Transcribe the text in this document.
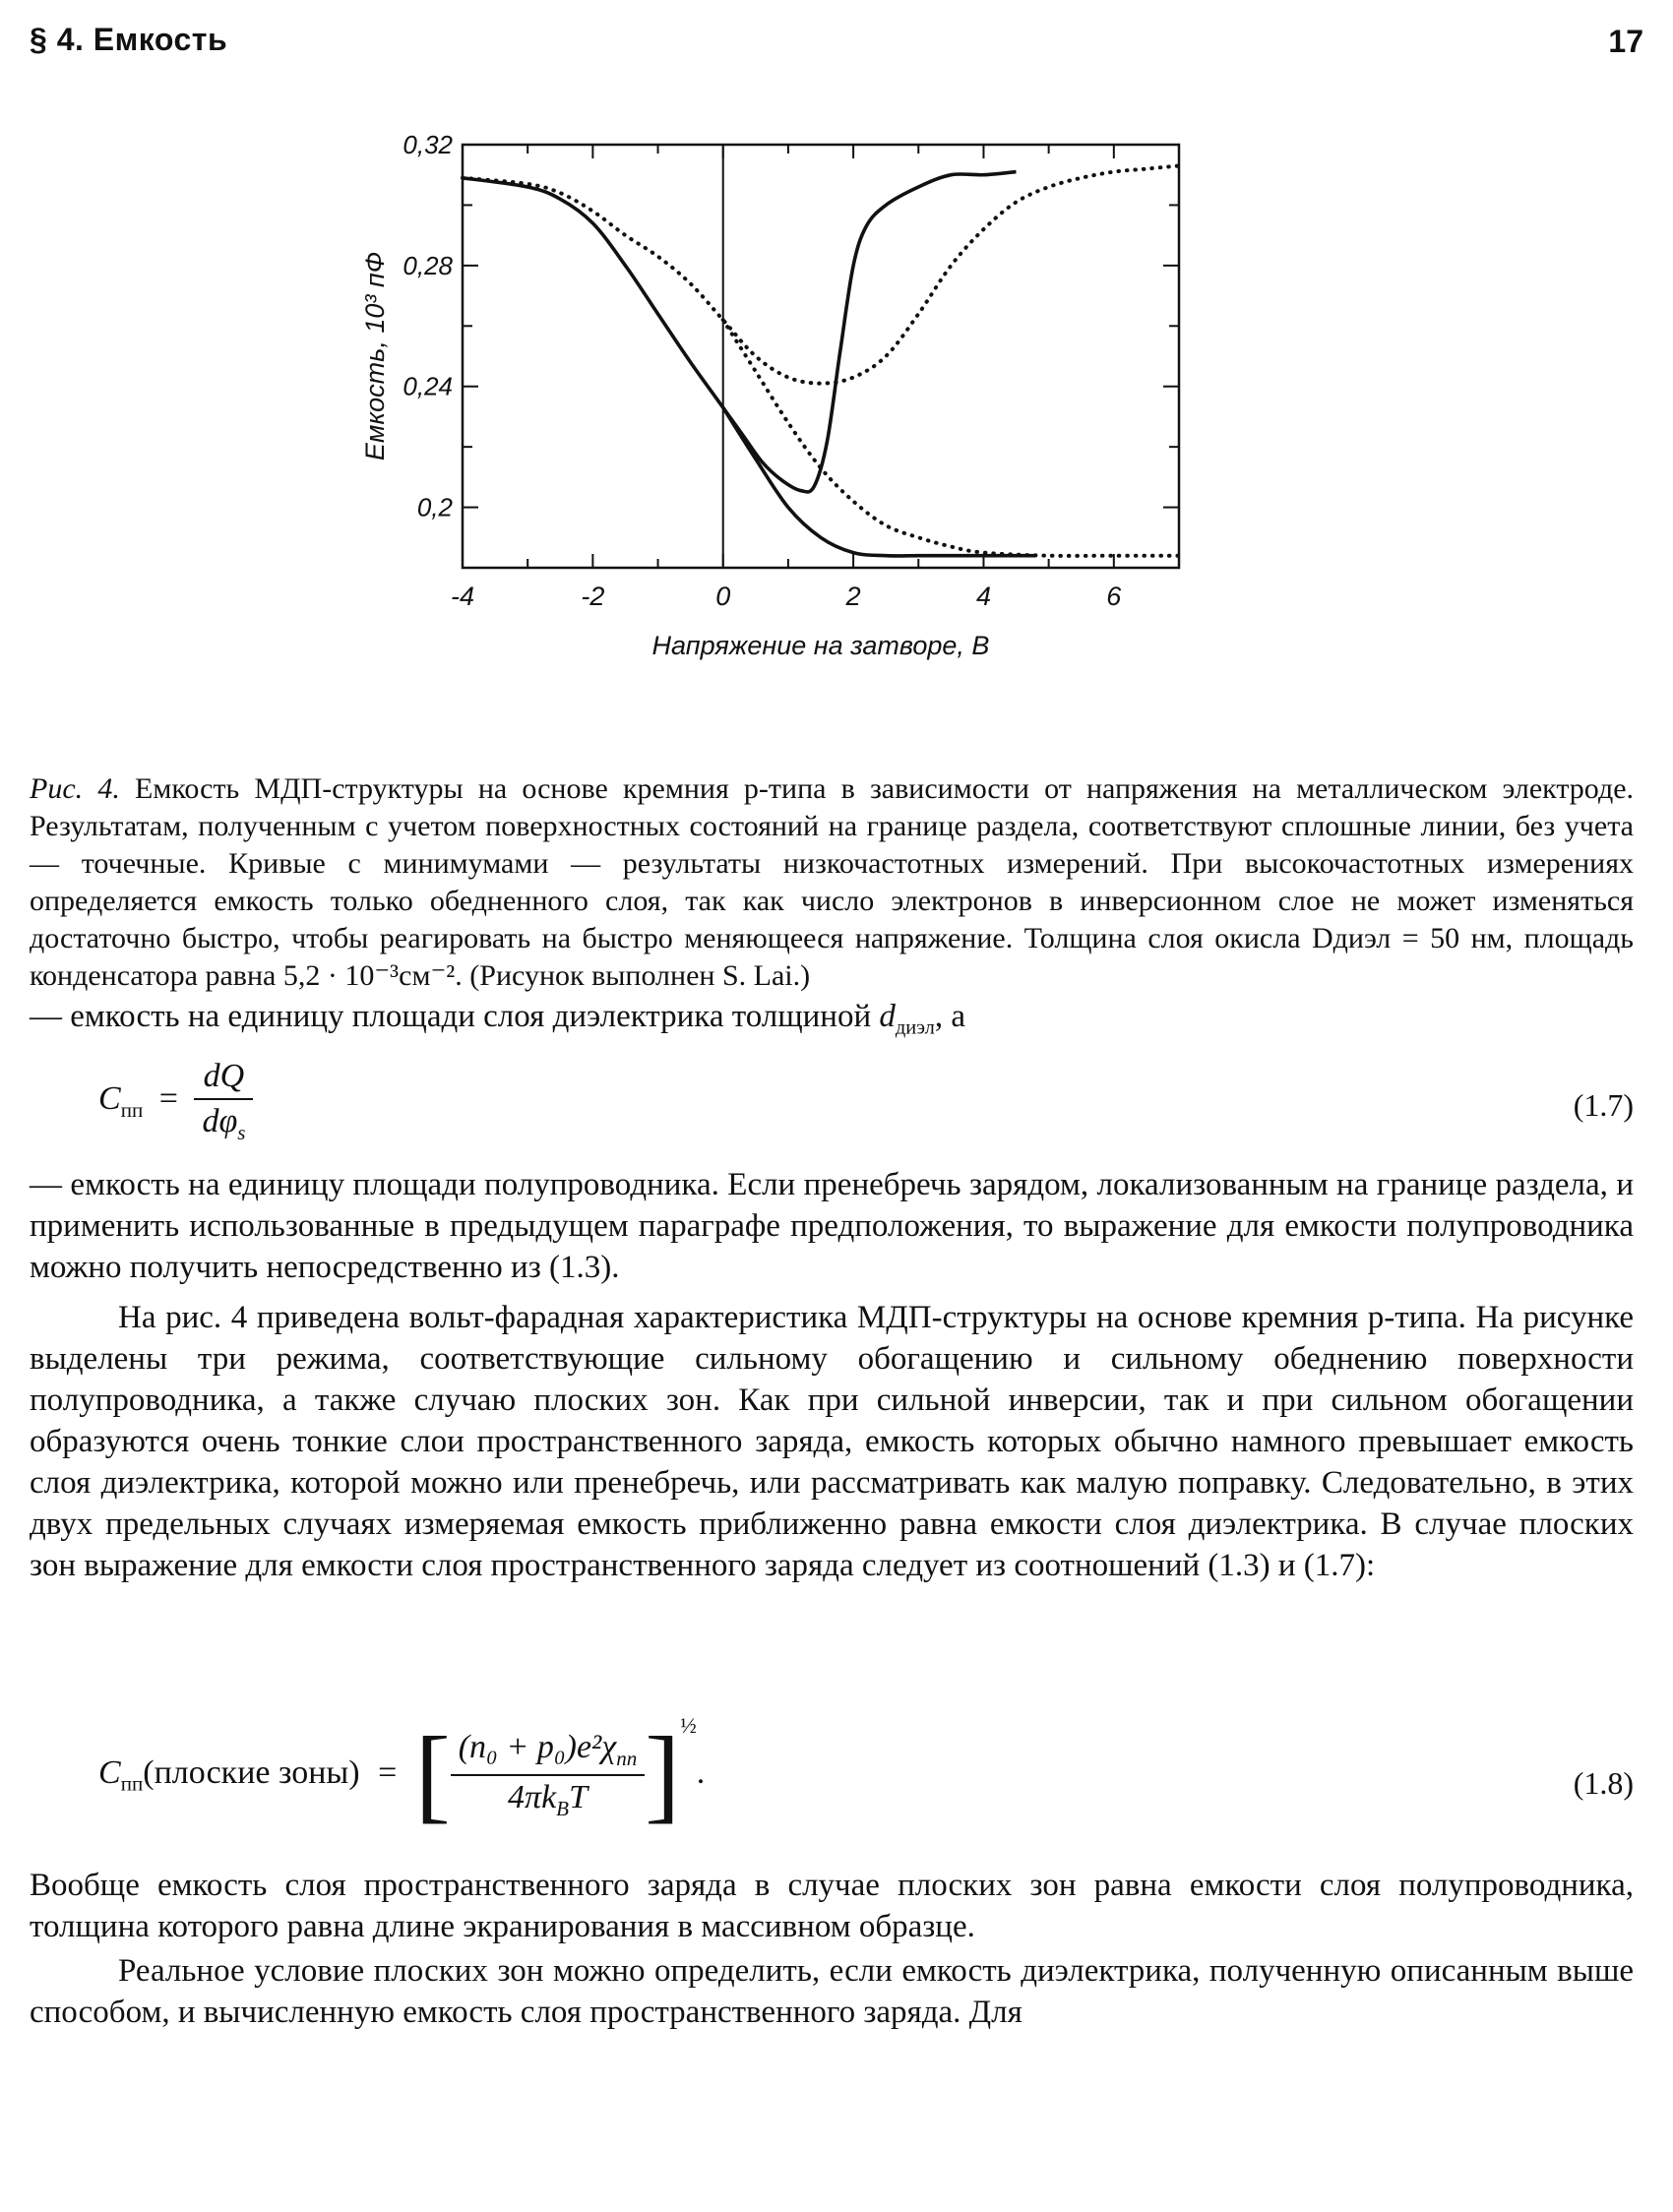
§ 4. Емкость	17
-4	-2	0	2	4	6
0,32
0,28
0,24
0,2
Напряжение на затворе, В
Емкость, 10³ пФ
Рис. 4. Емкость МДП-структуры на основе кремния p-типа в зависимости от напряжения на металлическом электроде. Результатам, полученным с учетом поверхностных состояний на границе раздела, соответствуют сплошные линии, без учета — точечные. Кривые с минимумами — результаты низкочастотных измерений. При высокочастотных измерениях определяется емкость только обедненного слоя, так как число электронов в инверсионном слое не может изменяться достаточно быстро, чтобы реагировать на быстро меняющееся напряжение. Толщина слоя окисла Dдиэл = 50 нм, площадь конденсатора равна 5,2 · 10⁻³см⁻². (Рисунок выполнен S. Lai.)
— емкость на единицу площади слоя диэлектрика толщиной $d_{диэл}$, а
$C_{пп} = \frac{dQ}{d\varphi_s}$	(1.7)
— емкость на единицу площади полупроводника. Если пренебречь зарядом, локализованным на границе раздела, и применить использованные в предыдущем параграфе предположения, то выражение для емкости полупроводника можно получить непосредственно из (1.3).
На рис. 4 приведена вольт-фарадная характеристика МДП-структуры на основе кремния p-типа. На рисунке выделены три режима, соответствующие сильному обогащению и сильному обеднению поверхности полупроводника, а также случаю плоских зон. Как при сильной инверсии, так и при сильном обогащении образуются очень тонкие слои пространственного заряда, емкость которых обычно намного превышает емкость слоя диэлектрика, которой можно или пренебречь, или рассматривать как малую поправку. Следовательно, в этих двух предельных случаях измеряемая емкость приближенно равна емкости слоя диэлектрика. В случае плоских зон выражение для емкости слоя пространственного заряда следует из соотношений (1.3) и (1.7):
$C_{пп}(плоские$ зоны) = [ $\frac{(n_0 + p_0)e^2\chi_{пп}}{4\pi k_BT} ]^{\frac{1}{2}}$.	(1.8)
Вообще емкость слоя пространственного заряда в случае плоских зон равна емкости слоя полупроводника, толщина которого равна длине экранирования в массивном образце.
Реальное условие плоских зон можно определить, если емкость диэлектрика, полученную описанным выше способом, и вычисленную емкость слоя пространственного заряда. Для
